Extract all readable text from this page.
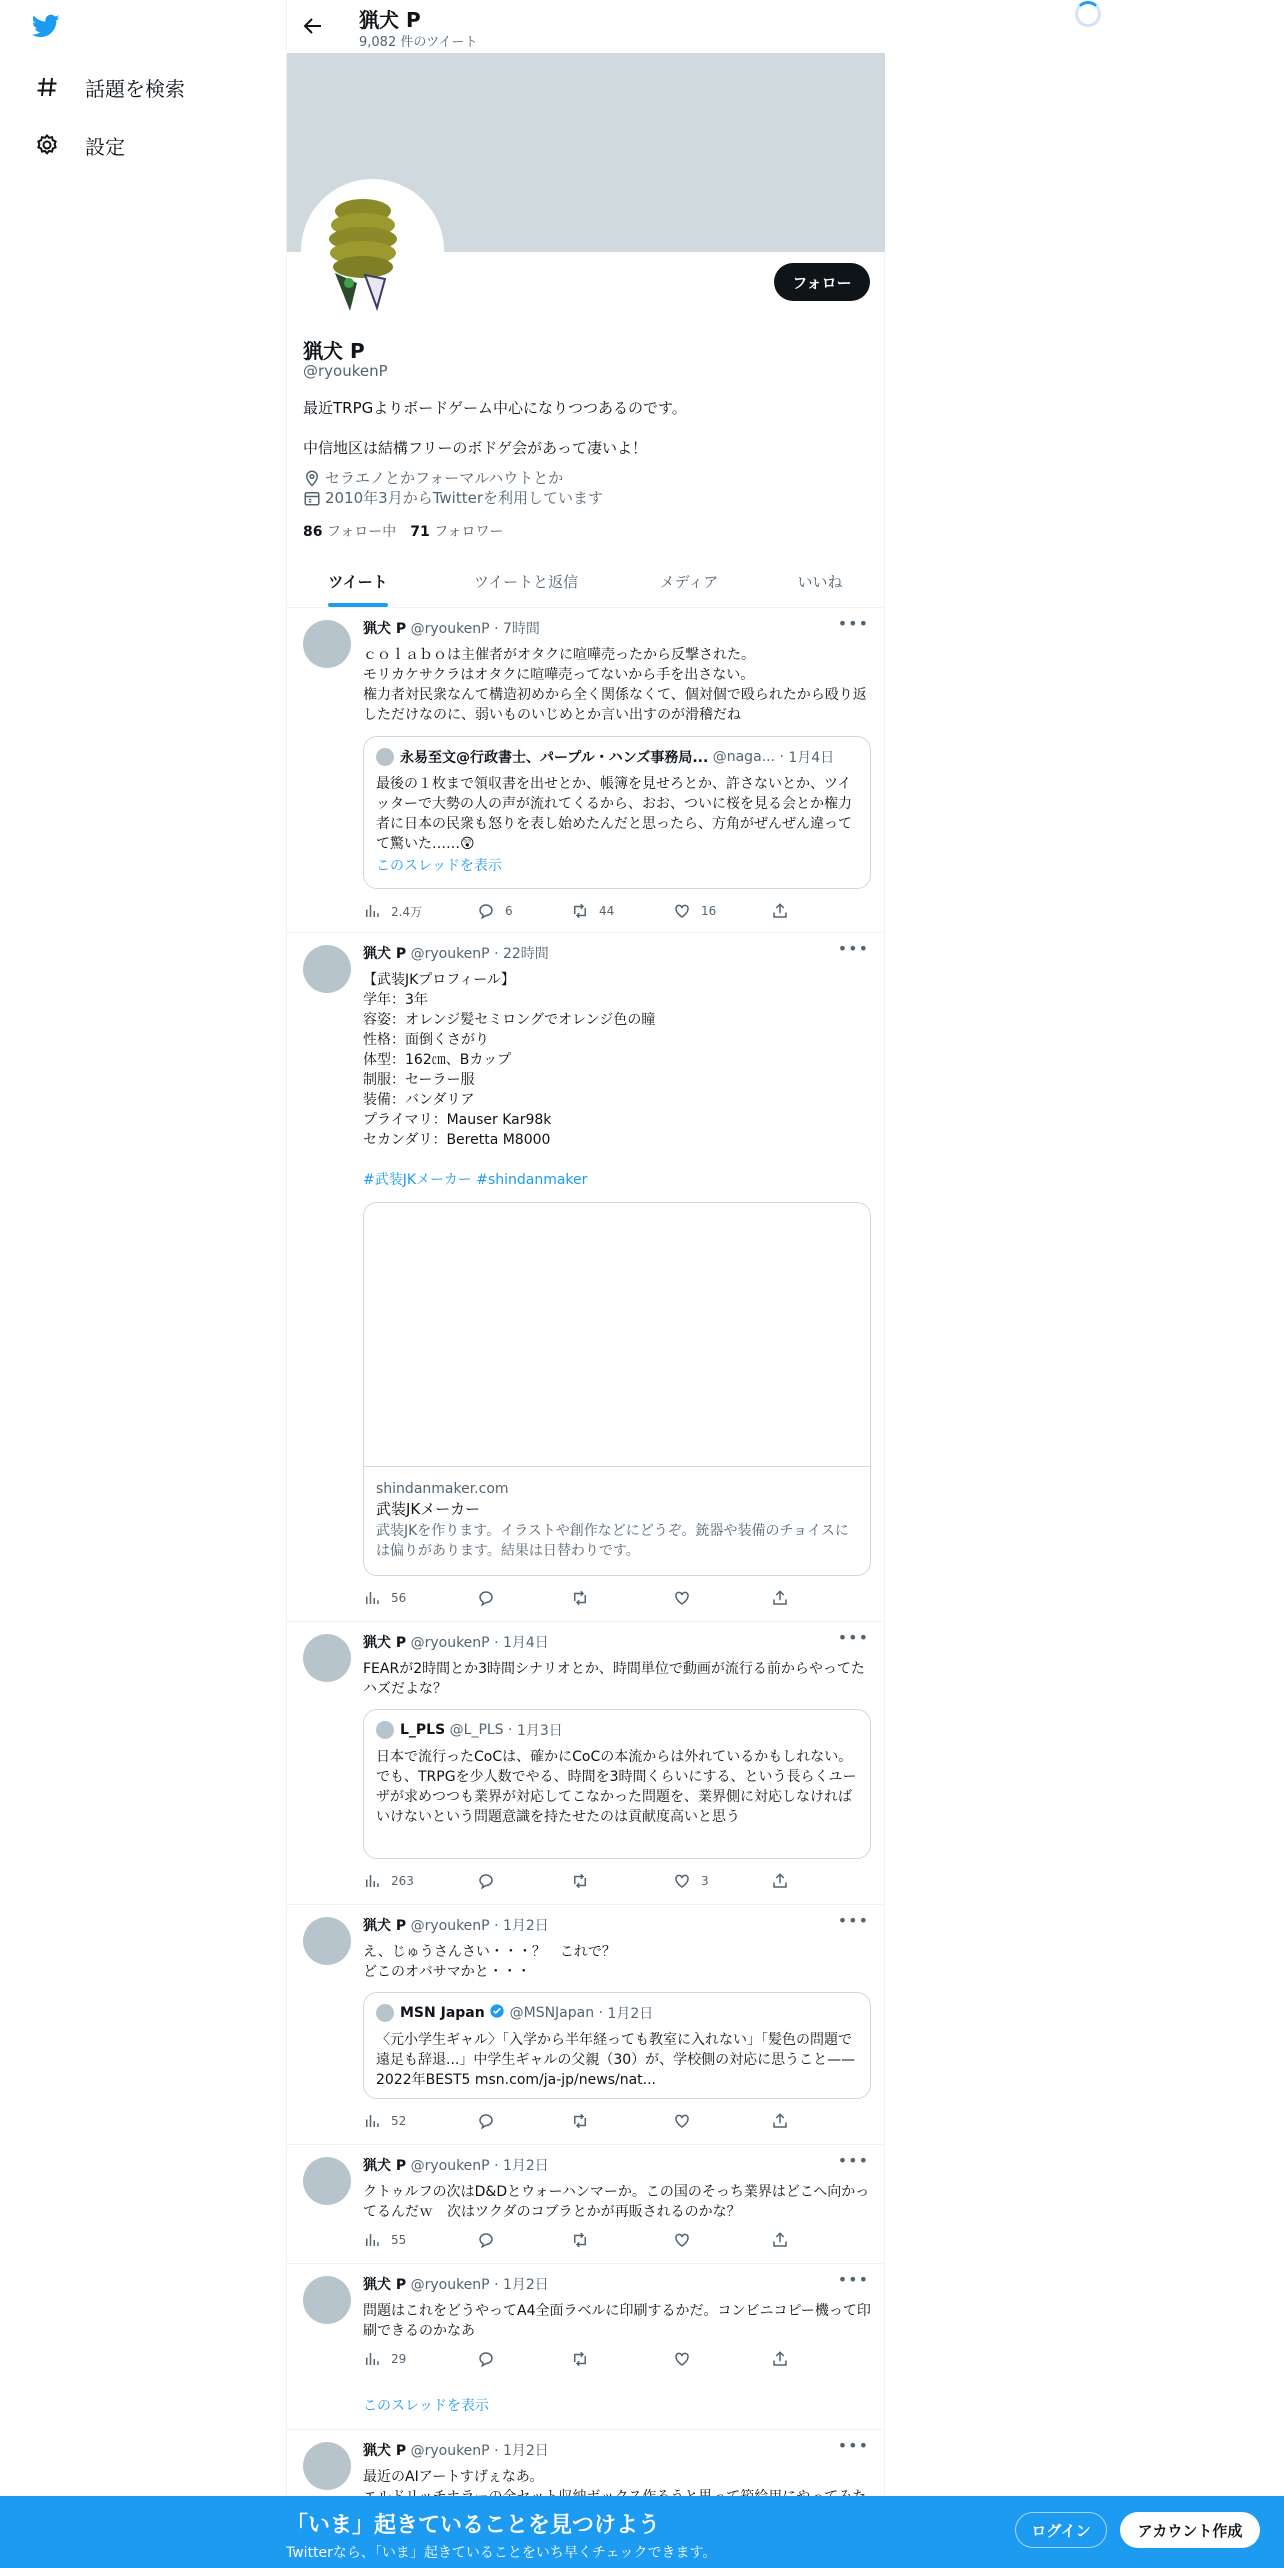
話題を検索
設定
猟犬 P
9,082 件のツイート
フォロー
猟犬 P
@ryoukenP
最近TRPGよりボードゲーム中心になりつつあるのです。
中信地区は結構フリーのボドゲ会があって凄いよ！
セラエノとかフォーマルハウトとか
2010年3月からTwitterを利用しています
86 フォロー中 71 フォロワー
ツイート	ツイートと返信	メディア	いいね
猟犬 P @ryoukenP · 7時間	•••
ｃｏｌａｂｏは主催者がオタクに喧嘩売ったから反撃された。
モリカケサクラはオタクに喧嘩売ってないから手を出さない。
権力者対民衆なんて構造初めから全く関係なくて、個対個で殴られたから殴り返しただけなのに、弱いものいじめとか言い出すのが滑稽だね
永易至文@行政書士、パープル・ハンズ事務局...
@naga... · 1月4日
最後の１枚まで領収書を出せとか、帳簿を見せろとか、許さないとか、ツイッターで大勢の人の声が流れてくるから、おお、ついに桜を見る会とか権力者に日本の民衆も怒りを表し始めたんだと思ったら、方角がぜんぜん違ってて驚いた……😲
このスレッドを表示
2.4万	6	44	16
猟犬 P @ryoukenP · 22時間	•••
【武装JKプロフィール】
学年：3年
容姿：オレンジ髪セミロングでオレンジ色の瞳
性格：面倒くさがり
体型：162㎝、Bカップ
制服：セーラー服
装備：バンダリア
プライマリ：Mauser Kar98k
セカンダリ：Beretta M8000
#武装JKメーカー #shindanmaker
shindanmaker.com
武装JKメーカー
武装JKを作ります。イラストや創作などにどうぞ。銃器や装備のチョイスには偏りがあります。結果は日替わりです。
56
猟犬 P @ryoukenP · 1月4日	•••
FEARが2時間とか3時間シナリオとか、時間単位で動画が流行る前からやってたハズだよな？
L_PLS
@L_PLS · 1月3日
日本で流行ったCoCは、確かにCoCの本流からは外れているかもしれない。でも、TRPGを少人数でやる、時間を3時間くらいにする、という長らくユーザが求めつつも業界が対応してこなかった問題を、業界側に対応しなければいけないという問題意識を持たせたのは貢献度高いと思う
263	3
猟犬 P @ryoukenP · 1月2日	•••
え、じゅうさんさい・・・？　これで？
どこのオバサマかと・・・
MSN Japan

@MSNJapan · 1月2日
〈元小学生ギャル〉「入学から半年経っても教室に入れない」「髪色の問題で遠足も辞退...」中学生ギャルの父親（30）が、学校側の対応に思うこと——2022年BEST5 msn.com/ja-jp/news/nat...
52
猟犬 P @ryoukenP · 1月2日	•••
クトゥルフの次はD&Dとウォーハンマーか。この国のそっち業界はどこへ向かってるんだｗ　次はツクダのコブラとかが再販されるのかな？
55
猟犬 P @ryoukenP · 1月2日	•••
問題はこれをどうやってA4全面ラベルに印刷するかだ。コンビニコピー機って印刷できるのかなあ
29
このスレッドを表示
猟犬 P @ryoukenP · 1月2日	•••
最近のAIアートすげぇなあ。

「いま」起きていることを見つけよう
Twitterなら、「いま」起きていることをいち早くチェックできます。
ログイン	アカウント作成
